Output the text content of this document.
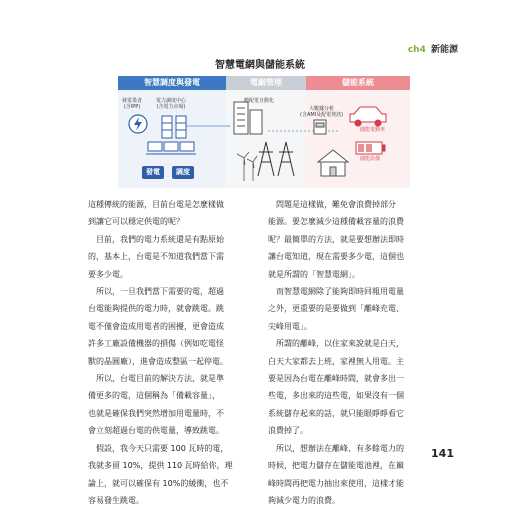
ch4 新能源
智慧電網與儲能系統
智慧調度與發電	電網管理	儲能系統
發電業者
(含IPP)
電力調度中心
(含電力市場)
饋配電自動化
大數據分析
(含AMI及配電資訊)
儲能電動車
儲能設備
發電	調度

這種傳統的能源，目前台電是怎麼樣做

到讓它可以穩定供電的呢？

　目前，我們的電力系統還是有點原始

的，基本上，台電是不知道我們當下需

要多少電。

　所以，一旦我們當下需要的電，超過

台電能夠提供的電力時，就會跳電。跳

電不僅會造成用電者的困擾，更會造成

許多工廠設備機器的損傷（例如吃電怪

獸的晶圓廠），進會造成整區一起停電。

　所以，台電目前的解決方法，就是準

備更多的電，這個稱為「備載容量」，

也就是確保我們突然增加用電量時，不

會立刻超過台電的供電量，導致跳電。

　假設，我今天只需要 100 瓦時的電，

我就多留 10%，提供 110 瓦時給你，理

論上，就可以確保有 10%的緩衝，也不

容易發生跳電。

　問題是這樣做，難免會浪費掉部分

能源。要怎麼減少這種備載容量的浪費

呢？最簡單的方法，就是要想辦法即時

讓台電知道，現在需要多少電，這個也

就是所謂的「智慧電網」。

　而智慧電網除了能夠即時回報用電量

之外，更重要的是要做到「離峰充電、

尖峰用電」。

　所謂的離峰，以住家來說就是白天，

白天大家都去上班，家裡無人用電。主

要是因為台電在離峰時間，就會多出一

些電，多出來的這些電，如果沒有一個

系統儲存起來的話，就只能眼睜睜看它

浪費掉了。

　所以，想辦法在離峰、有多餘電力的

時候，把電力儲存在儲能電池裡，在巔

峰時間再把電力抽出來使用，這樣才能

夠減少電力的浪費。

141
